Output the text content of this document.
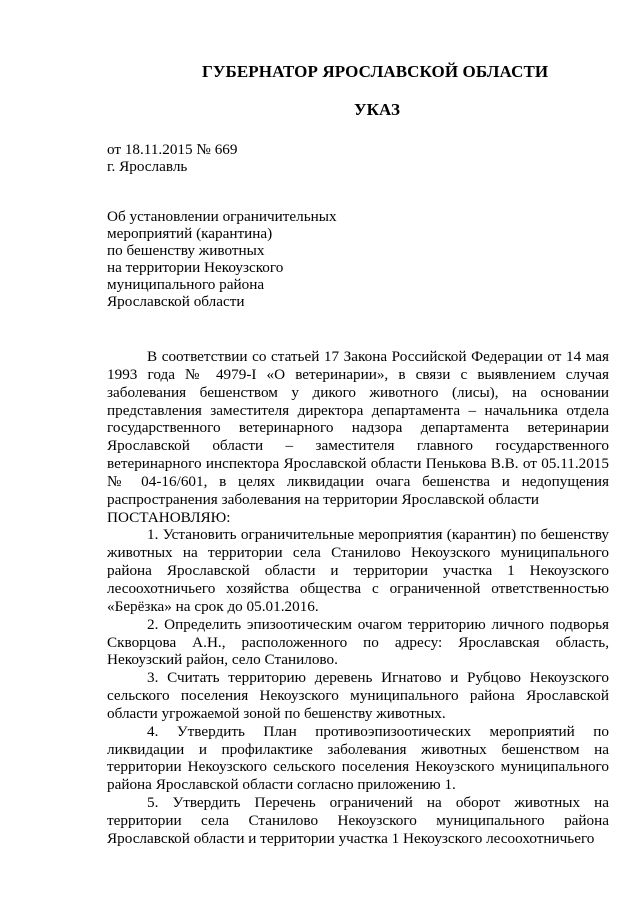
ГУБЕРНАТОР ЯРОСЛАВСКОЙ ОБЛАСТИ
УКАЗ
от 18.11.2015 № 669
г. Ярославль
Об установлении ограничительных
мероприятий (карантина)
по бешенству животных
на территории Некоузского
муниципального района
Ярославской области

В соответствии со статьей 17 Закона Российской Федерации от 14 мая 1993 года № 4979-I «О ветеринарии», в связи с выявлением случая заболевания бешенством у дикого животного (лисы), на основании представления заместителя директора департамента – начальника отдела государственного ветеринарного надзора департамента ветеринарии Ярославской области – заместителя главного государственного ветеринарного инспектора Ярославской области Пенькова В.В. от 05.11.2015 № 04-16/601, в целях ликвидации очага бешенства и недопущения распространения заболевания на территории Ярославской области

ПОСТАНОВЛЯЮ:

1. Установить ограничительные мероприятия (карантин) по бешенству животных на территории села Станилово Некоузского муниципального района Ярославской области и территории участка 1 Некоузского лесоохотничьего хозяйства общества с ограниченной ответственностью «Берёзка» на срок до 05.01.2016.

2. Определить эпизоотическим очагом территорию личного подворья Скворцова А.Н., расположенного по адресу: Ярославская область, Некоузский район, село Станилово.

3. Считать территорию деревень Игнатово и Рубцово Некоузского сельского поселения Некоузского муниципального района Ярославской области угрожаемой зоной по бешенству животных.

4. Утвердить План противоэпизоотических мероприятий по ликвидации и профилактике заболевания животных бешенством на территории Некоузского сельского поселения Некоузского муниципального района Ярославской области согласно приложению 1.

5. Утвердить Перечень ограничений на оборот животных на территории села Станилово Некоузского муниципального района Ярославской области и территории участка 1 Некоузского лесоохотничьего
